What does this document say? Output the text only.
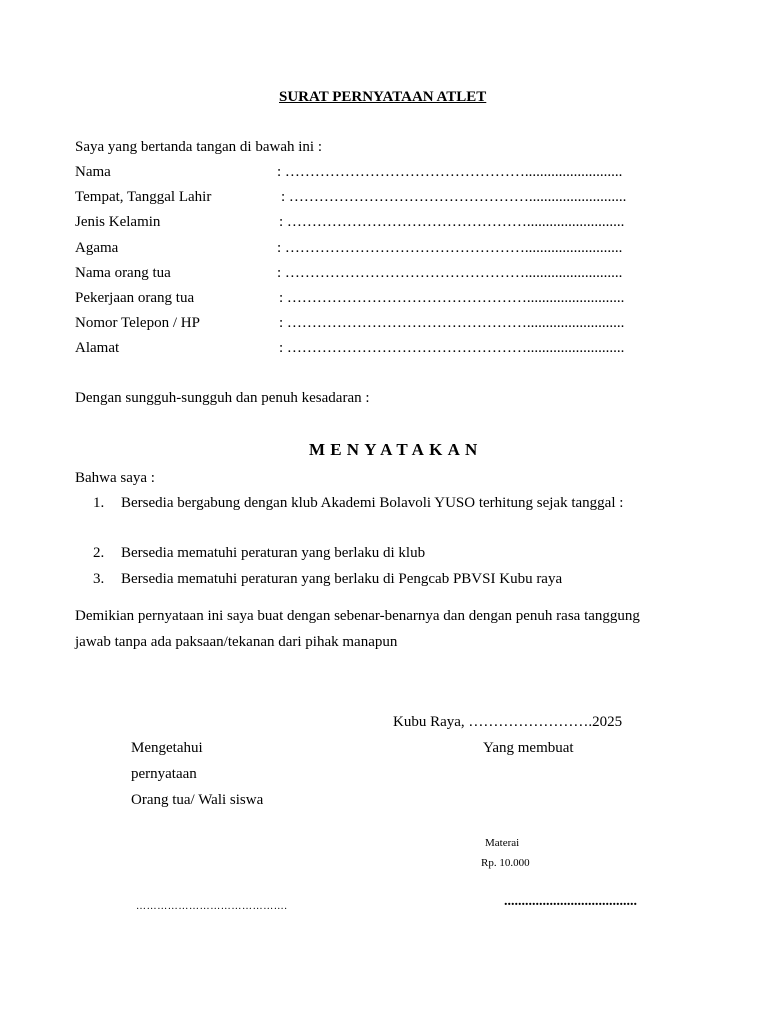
SURAT PERNYATAAN ATLET
Saya yang bertanda tangan di bawah ini :
Nama	: …………………………………………..........................
Tempat, Tanggal Lahir	: …………………………………………..........................
Jenis Kelamin	: …………………………………………..........................
Agama	: …………………………………………..........................
Nama orang tua	: …………………………………………..........................
Pekerjaan orang tua	: …………………………………………..........................
Nomor Telepon / HP	: …………………………………………..........................
Alamat	: …………………………………………..........................
Dengan sungguh-sungguh dan penuh kesadaran :
MENYATAKAN
Bahwa saya :
1. Bersedia bergabung dengan klub Akademi Bolavoli YUSO terhitung sejak tanggal :
2. Bersedia mematuhi peraturan yang berlaku di klub
3. Bersedia mematuhi peraturan yang berlaku di Pengcab PBVSI Kubu raya
Demikian pernyataan ini saya buat dengan sebenar-benarnya dan dengan penuh rasa tanggung
jawab tanpa ada paksaan/tekanan dari pihak manapun
Kubu Raya, …………………….2025
Mengetahui
pernyataan
Orang tua/ Wali siswa
…………………………………….
Yang membuat
Materai
Rp. 10.000
......................................
